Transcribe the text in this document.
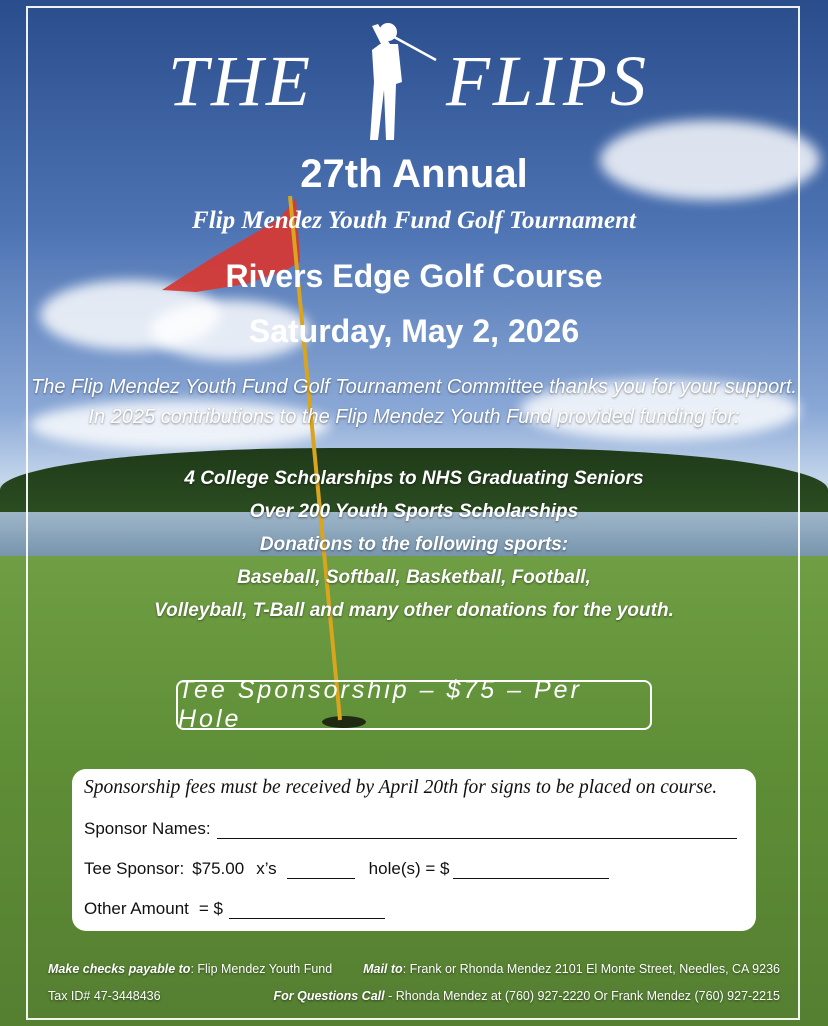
THE FLIPS
27th Annual
Flip Mendez Youth Fund Golf Tournament
Rivers Edge Golf Course
Saturday, May 2, 2026
The Flip Mendez Youth Fund Golf Tournament Committee thanks you for your support.
In 2025 contributions to the Flip Mendez Youth Fund provided funding for:
4 College Scholarships to NHS Graduating Seniors
Over 200 Youth Sports Scholarships
Donations to the following sports:
Baseball, Softball, Basketball, Football,
Volleyball, T-Ball and many other donations for the youth.
Tee Sponsorship – $75 – Per Hole
Sponsorship fees must be received by April 20th for signs to be placed on course.
Sponsor Names:
Tee Sponsor: $75.00 x’s	hole(s) = $
Other Amount = $
Make checks payable to: Flip Mendez Youth Fund Mail to: Frank or Rhonda Mendez 2101 El Monte Street, Needles, CA 9236
Tax ID# 47-3448436	For Questions Call - Rhonda Mendez at (760) 927-2220 Or Frank Mendez (760) 927-2215
